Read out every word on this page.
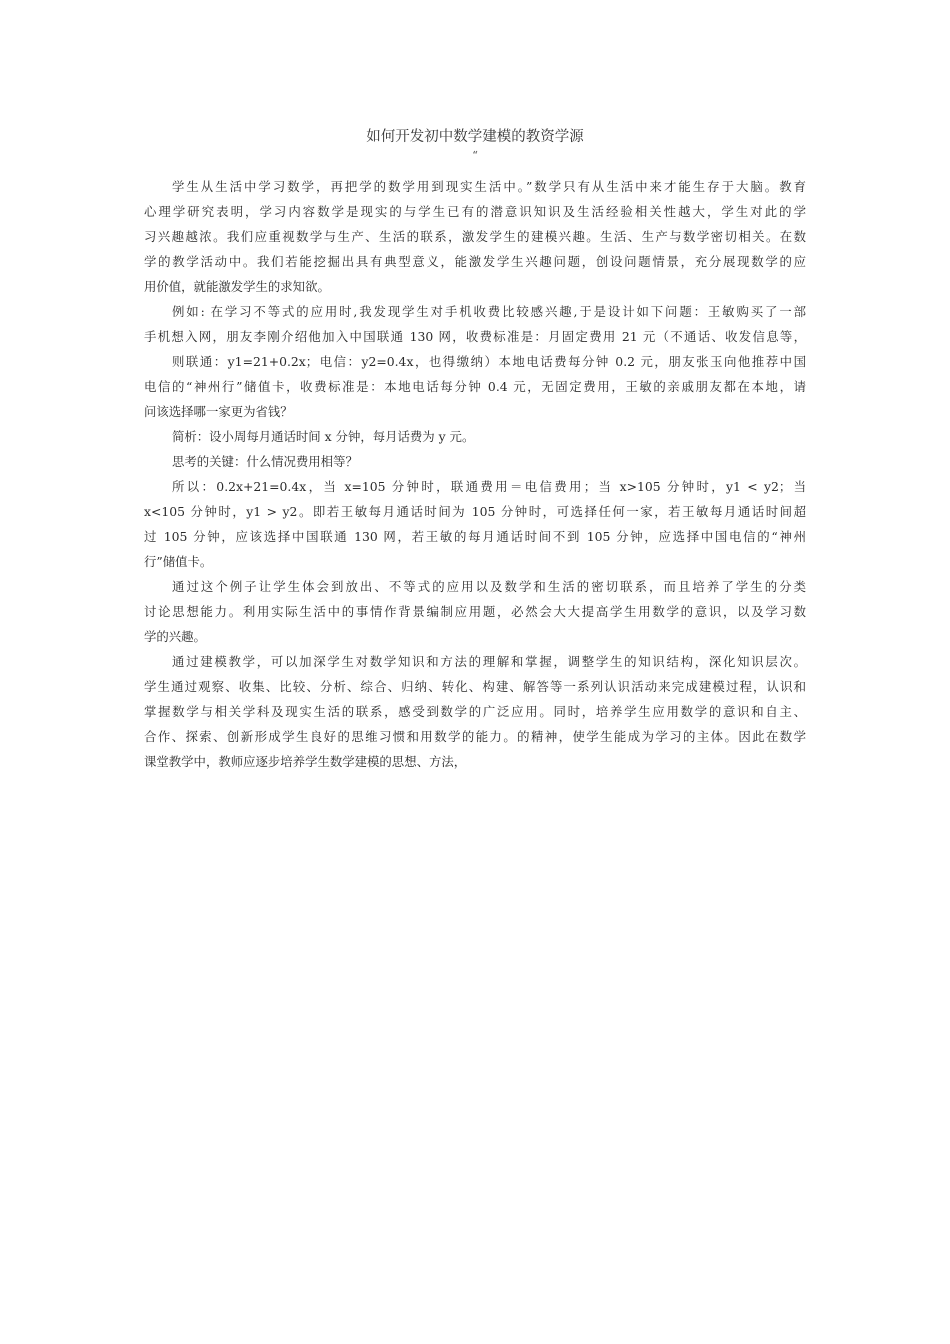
如何开发初中数学建模的教资学源
“
学生从生活中学习数学，再把学的数学用到现实生活中。”数学只有从生活中来才能生存于大脑。教育
心理学研究表明，学习内容数学是现实的与学生已有的潜意识知识及生活经验相关性越大，学生对此的学
习兴趣越浓。我们应重视数学与生产、生活的联系，激发学生的建模兴趣。生活、生产与数学密切相关。在数
学的教学活动中。我们若能挖掘出具有典型意义，能激发学生兴趣问题，创设问题情景，充分展现数学的应
用价值，就能激发学生的求知欲。
例如: 在学习不等式的应用时,我发现学生对手机收费比较感兴趣,于是设计如下问题：王敏购买了一部
手机想入网，朋友李刚介绍他加入中国联通 130 网，收费标准是：月固定费用 21 元（不通话、收发信息等，
则联通：y1=21+0.2x；电信：y2=0.4x，也得缴纳）本地电话费每分钟 0.2 元，朋友张玉向他推荐中国
电信的“神州行”储值卡，收费标准是：本地电话每分钟 0.4 元，无固定费用，王敏的亲戚朋友都在本地，请
问该选择哪一家更为省钱？
简析：设小周每月通话时间 x 分钟，每月话费为 y 元。
思考的关键：什么情况费用相等？
所以：0.2x+21=0.4x，当 x=105 分钟时，联通费用＝电信费用；当 x>105 分钟时，y1 < y2；当
x<105 分钟时，y1 > y2。即若王敏每月通话时间为 105 分钟时，可选择任何一家，若王敏每月通话时间超
过 105 分钟，应该选择中国联通 130 网，若王敏的每月通话时间不到 105 分钟，应选择中国电信的“神州
行”储值卡。
通过这个例子让学生体会到放出、不等式的应用以及数学和生活的密切联系，而且培养了学生的分类
讨论思想能力。利用实际生活中的事情作背景编制应用题，必然会大大提高学生用数学的意识，以及学习数
学的兴趣。
通过建模教学，可以加深学生对数学知识和方法的理解和掌握，调整学生的知识结构，深化知识层次。
学生通过观察、收集、比较、分析、综合、归纳、转化、构建、解答等一系列认识活动来完成建模过程，认识和
掌握数学与相关学科及现实生活的联系，感受到数学的广泛应用。同时，培养学生应用数学的意识和自主、
合作、探索、创新形成学生良好的思维习惯和用数学的能力。的精神，使学生能成为学习的主体。因此在数学
课堂教学中，教师应逐步培养学生数学建模的思想、方法，
